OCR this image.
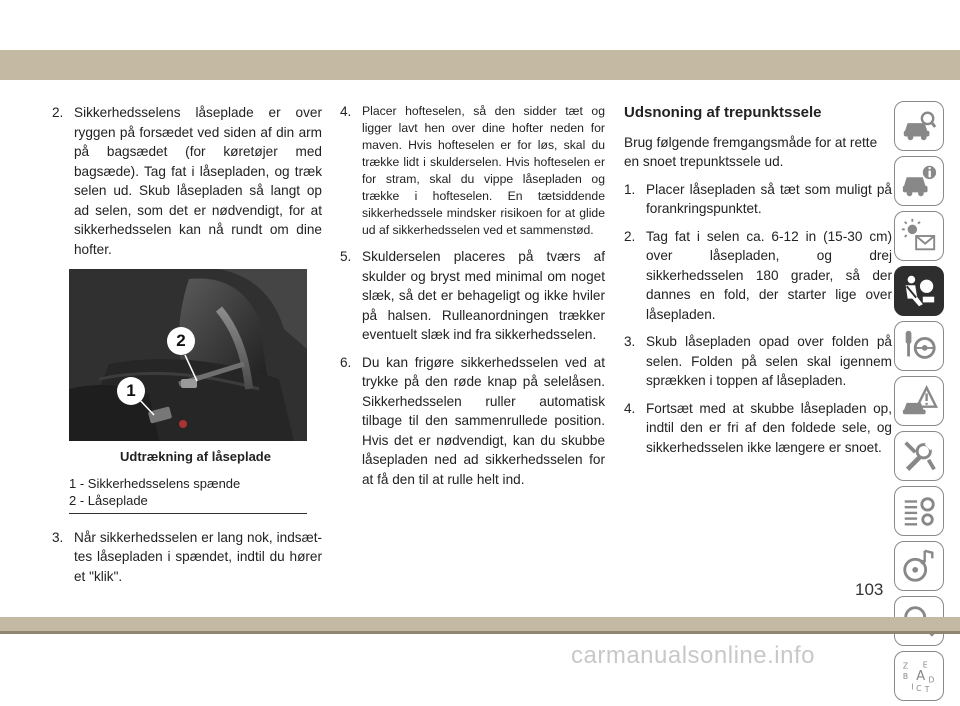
2. Sikkerhedsselens låseplade er over ryggen på forsædet ved siden af din arm på bagsædet (for køretøjer med bagsæde). Tag fat i låsepladen, og træk selen ud. Skub låsepladen så langt op ad selen, som det er nødvendigt, for at sikkerhedsselen kan nå rundt om dine hofter.
2
1
Udtrækning af låseplade
1 - Sikkerhedsselens spænde
2 - Låseplade
3. Når sikkerhedsselen er lang nok, indsættes låsepladen i spændet, indtil du hører et "klik".
4. Placer hofteselen, så den sidder tæt og ligger lavt hen over dine hofter neden for maven. Hvis hofteselen er for løs, skal du trække lidt i skulderselen. Hvis hofteselen er for stram, skal du vippe låsepladen og trække i hofteselen. En tætsiddende sikkerhedssele mindsker risikoen for at glide ud af sikkerhedsselen ved et sammenstød.
5. Skulderselen placeres på tværs af skulder og bryst med minimal om noget slæk, så det er behageligt og ikke hviler på halsen. Rulleanordningen trækker eventuelt slæk ind fra sikkerhedsselen.
6. Du kan frigøre sikkerhedsselen ved at trykke på den røde knap på selelåsen. Sikkerhedsselen ruller automatisk tilbage til den sammenrullede position. Hvis det er nødvendigt, kan du skubbe låsepladen ned ad sikkerhedsselen for at få den til at rulle helt ind.
Udsnoning af trepunktssele

Brug følgende fremgangsmåde for at rette en snoet trepunktssele ud.

1. Placer låsepladen så tæt som muligt på forankringspunktet.
2. Tag fat i selen ca. 6-12 in (15-30 cm) over låsepladen, og drej sikkerhedsselen 180 grader, så der dannes en fold, der starter lige over låsepladen.
3. Skub låsepladen opad over folden på selen. Folden på selen skal igennem sprækken i toppen af låsepladen.
4. Fortsæt med at skubbe låsepladen op, indtil den er fri af den foldede sele, og sikkerhedsselen ikke længere er snoet.
Z E
B A
I C
D
T
103
carmanualsonline.info
